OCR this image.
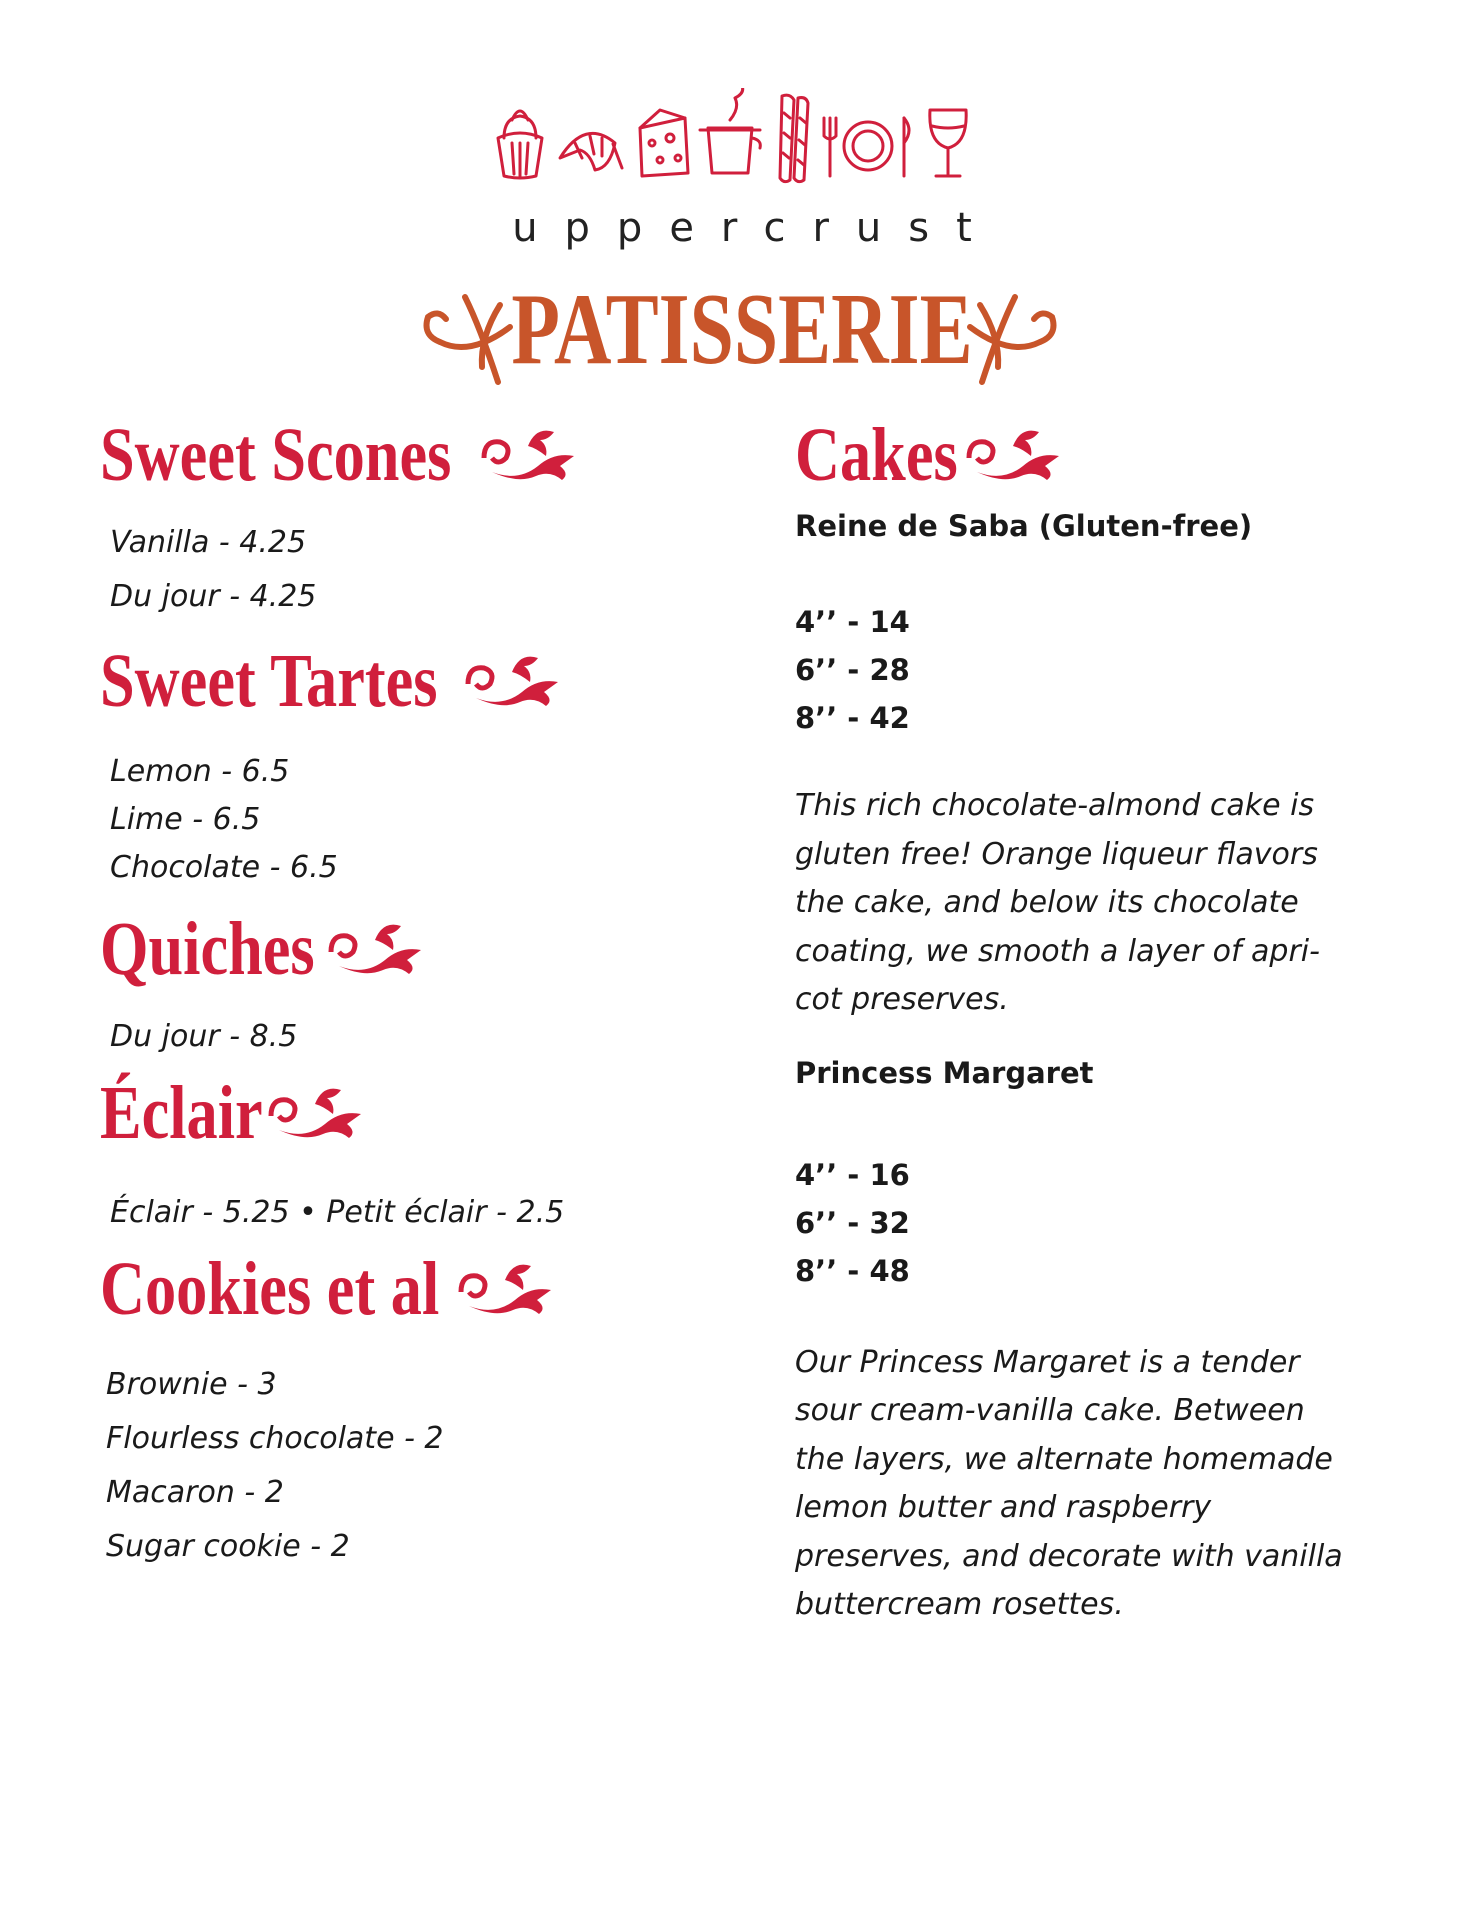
uppercrust
PATISSERIE
Sweet Scones
Vanilla - 4.25
Du jour - 4.25
Sweet Tartes
Lemon - 6.5
Lime - 6.5
Chocolate - 6.5
Quiches
Du jour - 8.5
Éclair
Éclair - 5.25 • Petit éclair - 2.5
Cookies et al
Brownie - 3
Flourless chocolate - 2
Macaron - 2
Sugar cookie - 2
Cakes
Reine de Saba (Gluten-free)
4’’ - 14
6’’ - 28
8’’ - 42
This rich chocolate-almond cake is
gluten free! Orange liqueur flavors
the cake, and below its chocolate
coating, we smooth a layer of apri-
cot preserves.
Princess Margaret
4’’ - 16
6’’ - 32
8’’ - 48
Our Princess Margaret is a tender
sour cream-vanilla cake. Between
the layers, we alternate homemade
lemon butter and raspberry
preserves, and decorate with vanilla
buttercream rosettes.
